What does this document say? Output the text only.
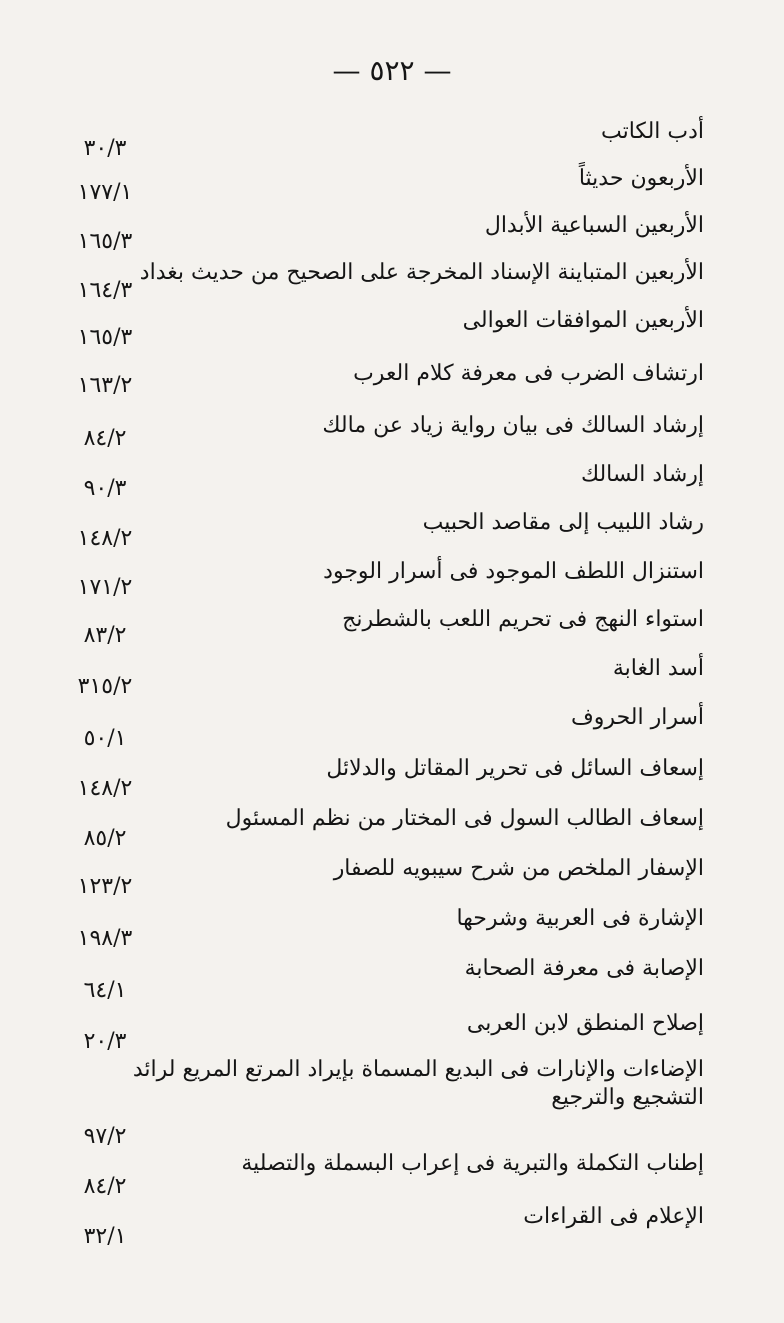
— ٥٢٢ —
أدب الكاتب
٣٠/٣
الأربعون حديثاً
١٧٧/١
الأربعين السباعية الأبدال
١٦٥/٣
الأربعين المتباينة الإسناد المخرجة على الصحيح من حديث بغداد
١٦٤/٣
الأربعين الموافقات العوالى
١٦٥/٣
ارتشاف الضرب فى معرفة كلام العرب
١٦٣/٢
إرشاد السالك فى بيان رواية زياد عن مالك
٨٤/٢
إرشاد السالك
٩٠/٣
رشاد اللبيب إلى مقاصد الحبيب
١٤٨/٢
استنزال اللطف الموجود فى أسرار الوجود
١٧١/٢
استواء النهج فى تحريم اللعب بالشطرنج
٨٣/٢
أسد الغابة
٣١٥/٢
أسرار الحروف
٥٠/١
إسعاف السائل فى تحرير المقاتل والدلائل
١٤٨/٢
إسعاف الطالب السول فى المختار من نظم المسئول
٨٥/٢
الإسفار الملخص من شرح سيبويه للصفار
١٢٣/٢
الإشارة فى العربية وشرحها
١٩٨/٣
الإصابة فى معرفة الصحابة
٦٤/١
إصلاح المنطق لابن العربى
٢٠/٣
الإضاءات والإنارات فى البديع المسماة بإيراد المرتع المريع لرائد التشجيع والترجيع
٩٧/٢
إطناب التكملة والتبرية فى إعراب البسملة والتصلية
٨٤/٢
الإعلام فى القراءات
٣٢/١
